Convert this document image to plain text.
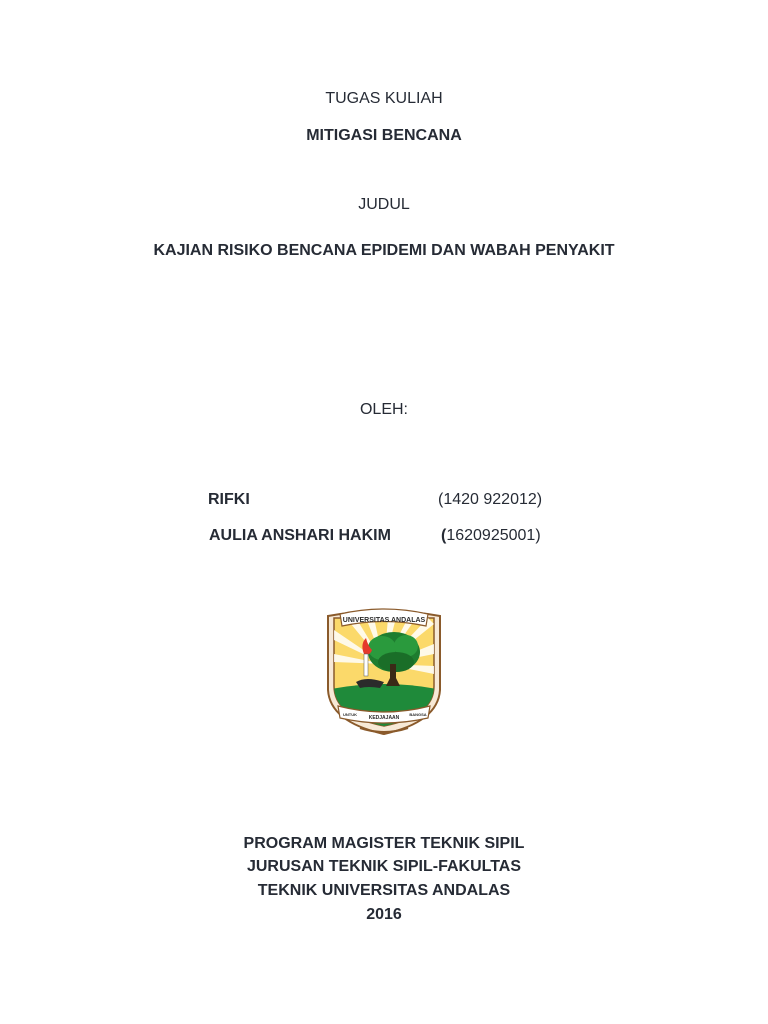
TUGAS KULIAH
MITIGASI BENCANA
JUDUL
KAJIAN RISIKO BENCANA EPIDEMI DAN WABAH PENYAKIT
OLEH:
RIFKI	(1420 922012)
AULIA ANSHARI HAKIM	(1620925001)
UNIVERSITAS ANDALAS
UNTUK
KEDJAJAAN
BANGSA
PROGRAM MAGISTER TEKNIK SIPIL
JURUSAN TEKNIK SIPIL-FAKULTAS
TEKNIK UNIVERSITAS ANDALAS
2016
